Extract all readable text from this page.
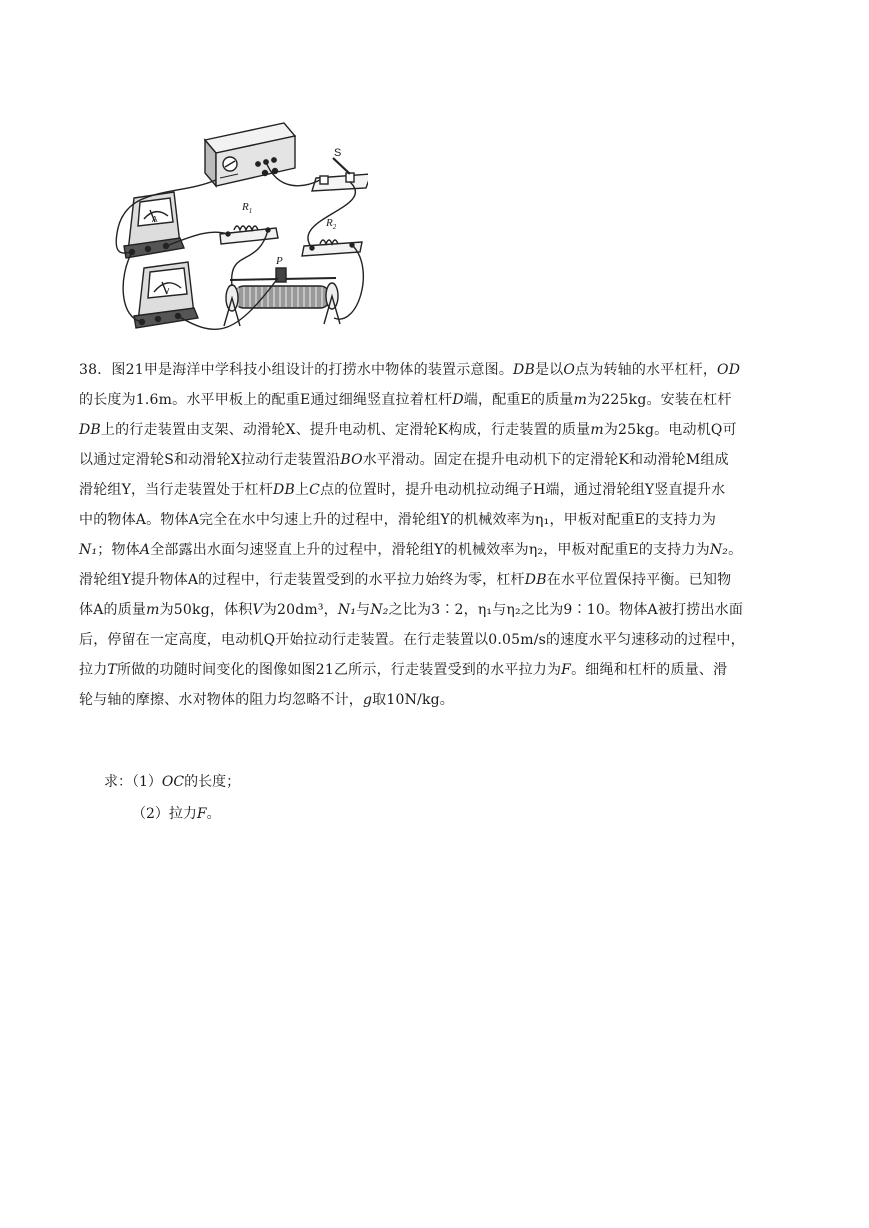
S
A
V
$R_1$
$R_2$
P
38．图21甲是海洋中学科技小组设计的打捞水中物体的装置示意图。DB是以O点为转轴的水平杠杆，OD
的长度为1.6m。水平甲板上的配重E通过细绳竖直拉着杠杆D端，配重E的质量m为225kg。安装在杠杆
DB上的行走装置由支架、动滑轮X、提升电动机、定滑轮K构成，行走装置的质量m为25kg。电动机Q可
以通过定滑轮S和动滑轮X拉动行走装置沿BO水平滑动。固定在提升电动机下的定滑轮K和动滑轮M组成
滑轮组Y，当行走装置处于杠杆DB上C点的位置时，提升电动机拉动绳子H端，通过滑轮组Y竖直提升水
中的物体A。物体A完全在水中匀速上升的过程中，滑轮组Y的机械效率为η₁，甲板对配重E的支持力为
N₁；物体A全部露出水面匀速竖直上升的过程中，滑轮组Y的机械效率为η₂，甲板对配重E的支持力为N₂。
滑轮组Y提升物体A的过程中，行走装置受到的水平拉力始终为零，杠杆DB在水平位置保持平衡。已知物
体A的质量m为50kg，体积V为20dm³，N₁与N₂之比为3∶2，η₁与η₂之比为9∶10。物体A被打捞出水面
后，停留在一定高度，电动机Q开始拉动行走装置。在行走装置以0.05m/s的速度水平匀速移动的过程中，
拉力T所做的功随时间变化的图像如图21乙所示，行走装置受到的水平拉力为F。细绳和杠杆的质量、滑
轮与轴的摩擦、水对物体的阻力均忽略不计，g取10N/kg。
求：（1）OC的长度；
（2）拉力F。
